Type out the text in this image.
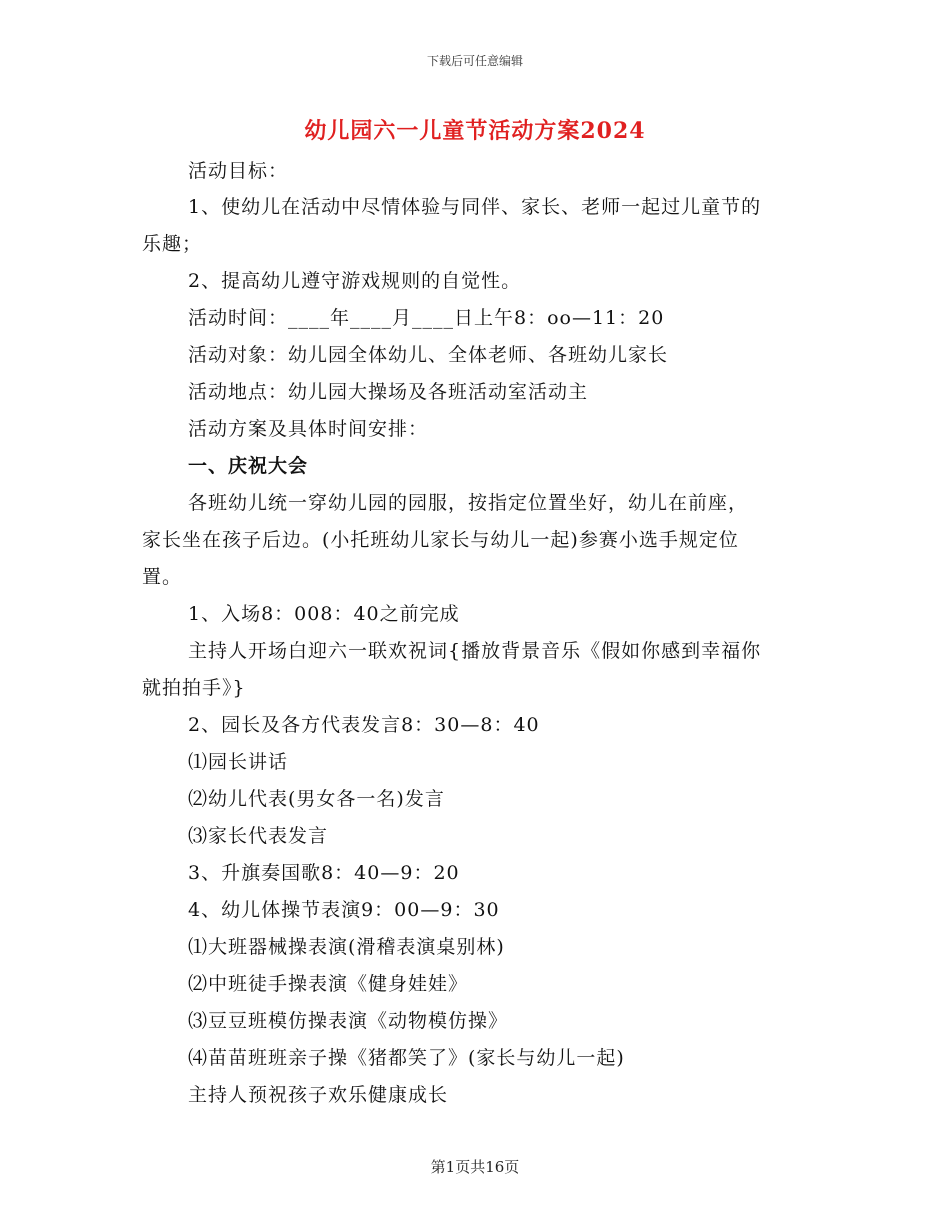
下载后可任意编辑
幼儿园六一儿童节活动方案2024
活动目标：
1、使幼儿在活动中尽情体验与同伴、家长、老师一起过儿童节的
乐趣；
2、提高幼儿遵守游戏规则的自觉性。
活动时间：____年____月____日上午8：oo—11：20
活动对象：幼儿园全体幼儿、全体老师、各班幼儿家长
活动地点：幼儿园大操场及各班活动室活动主
活动方案及具体时间安排：
一、庆祝大会
各班幼儿统一穿幼儿园的园服，按指定位置坐好，幼儿在前座，
家长坐在孩子后边。(小托班幼儿家长与幼儿一起)参赛小选手规定位
置。
1、入场8：008：40之前完成
主持人开场白迎六一联欢祝词{播放背景音乐《假如你感到幸福你
就拍拍手》}
2、园长及各方代表发言8：30—8：40
⑴园长讲话
⑵幼儿代表(男女各一名)发言
⑶家长代表发言
3、升旗奏国歌8：40—9：20
4、幼儿体操节表演9：00—9：30
⑴大班器械操表演(滑稽表演桌别林)
⑵中班徒手操表演《健身娃娃》
⑶豆豆班模仿操表演《动物模仿操》
⑷苗苗班班亲子操《猪都笑了》(家长与幼儿一起)
主持人预祝孩子欢乐健康成长
第1页共16页
